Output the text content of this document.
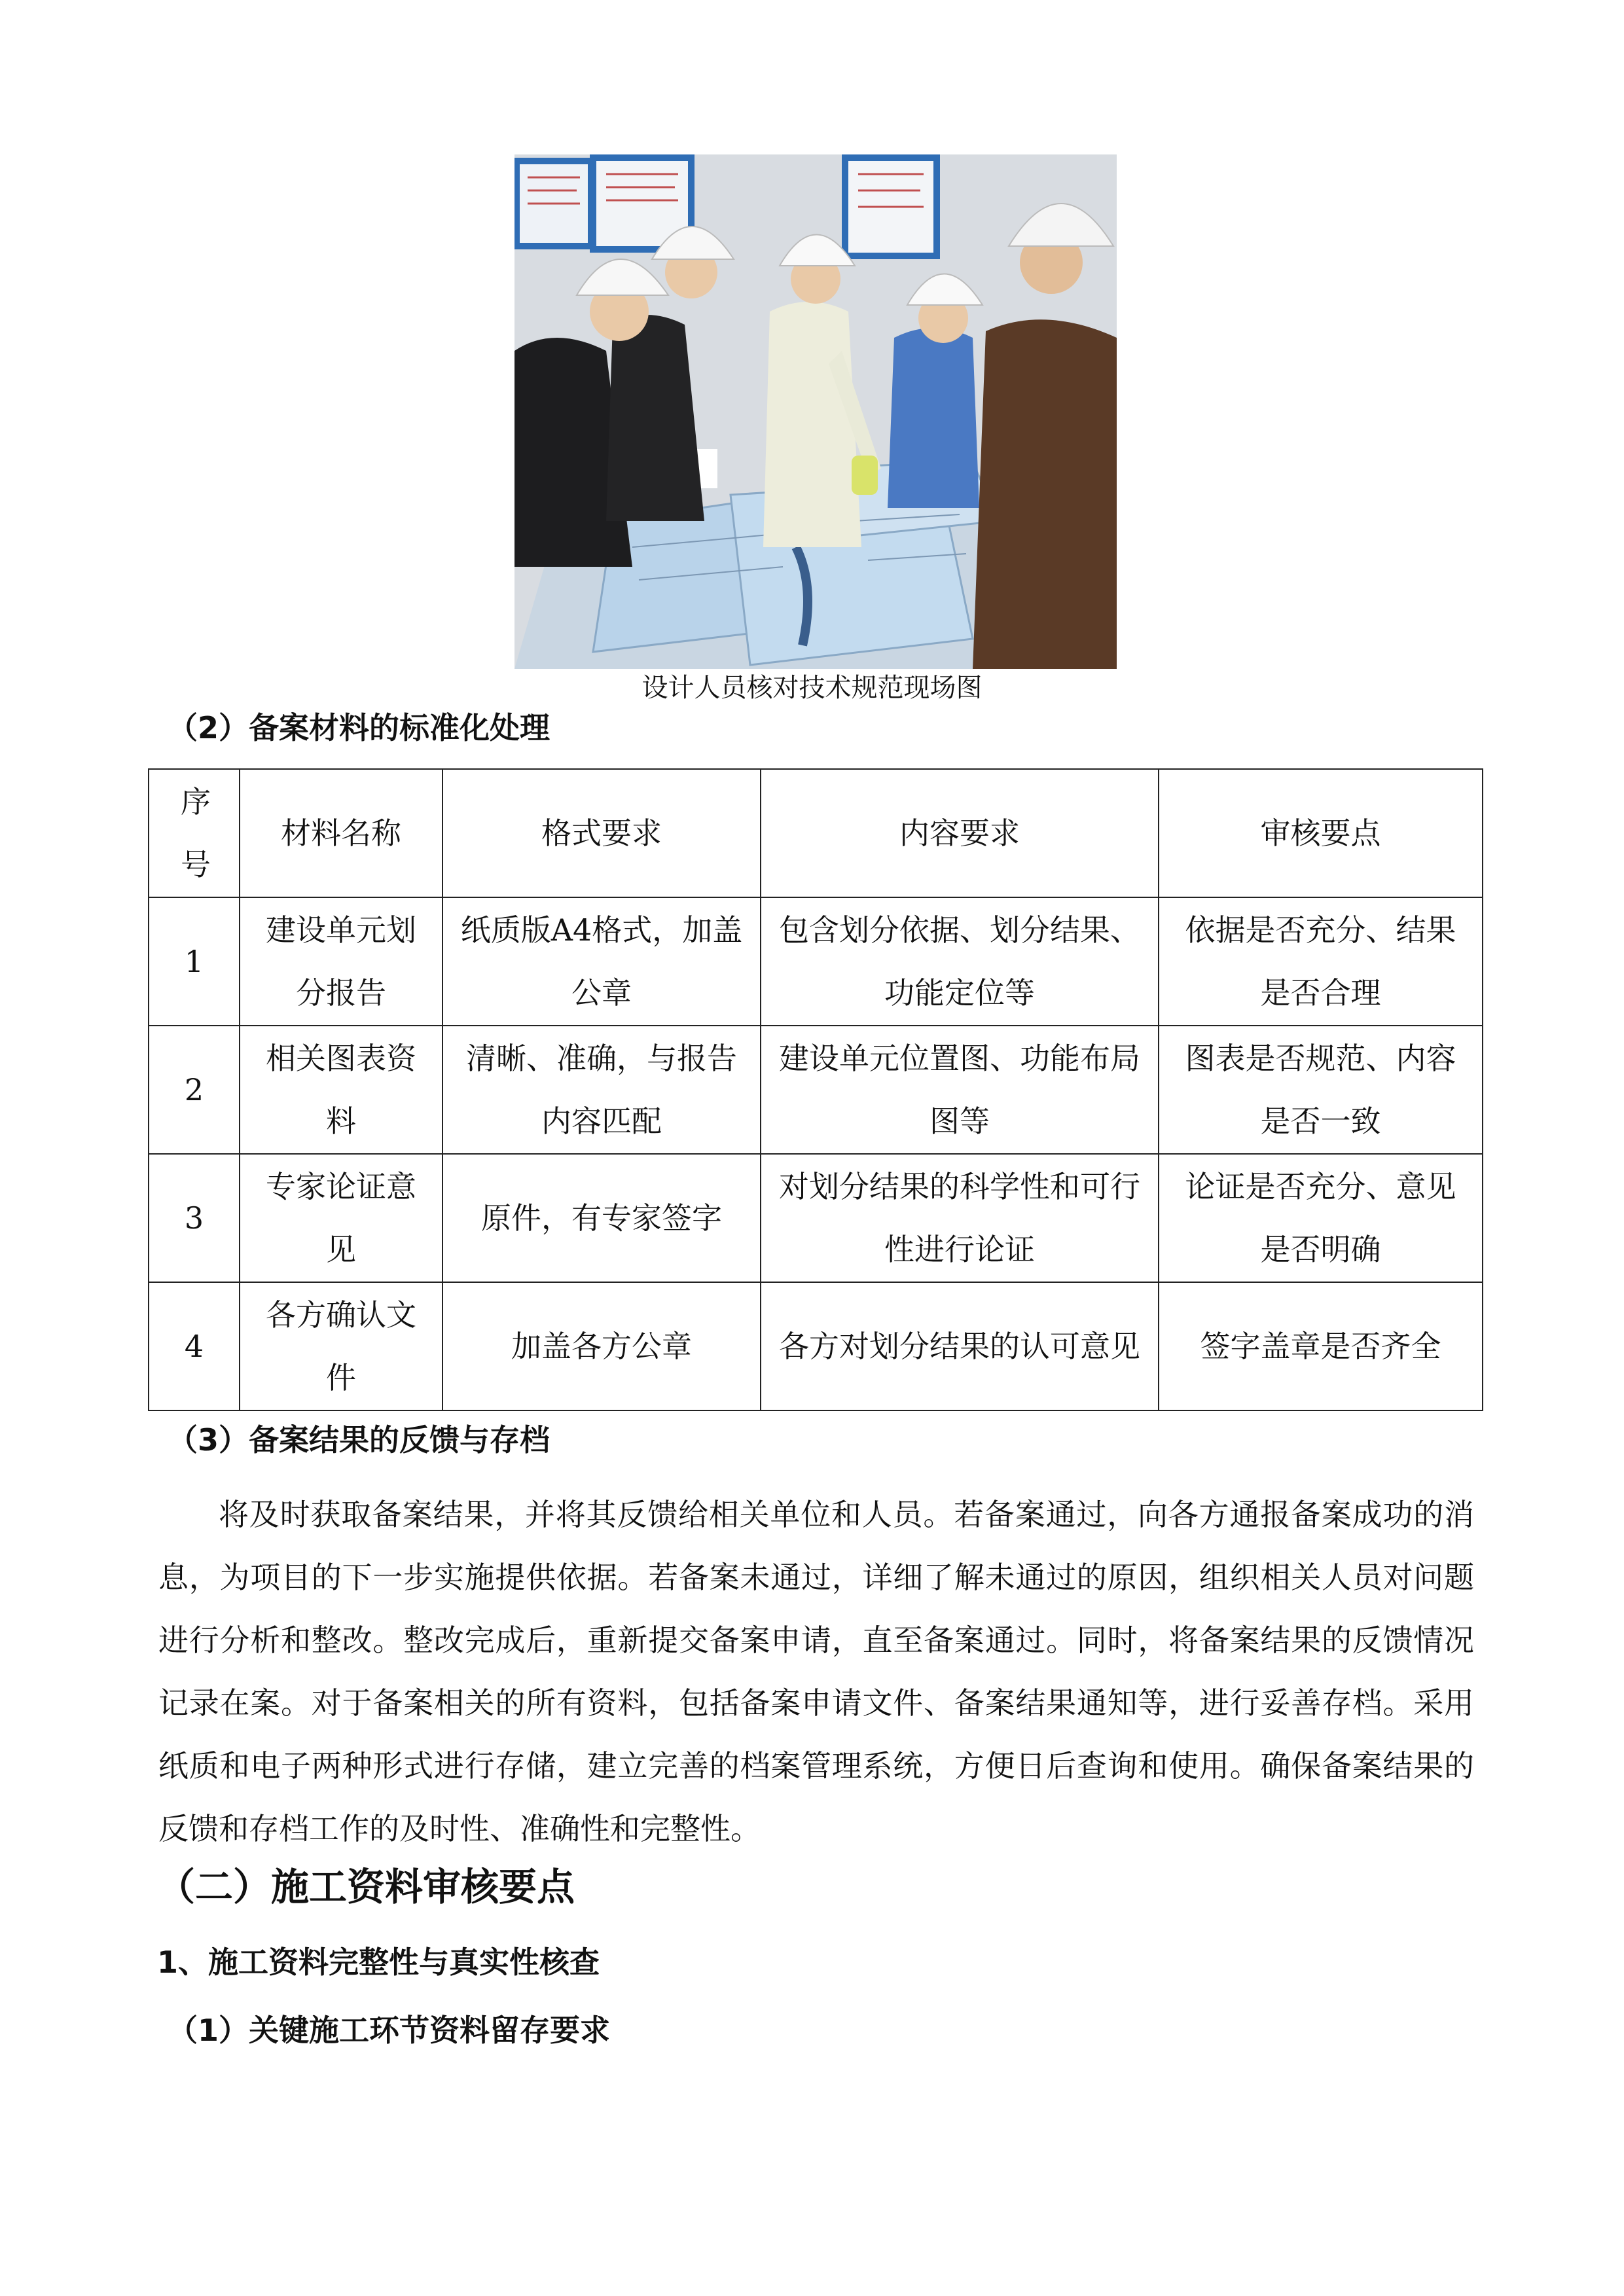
设计人员核对技术规范现场图
（2）备案材料的标准化处理
序号	材料名称	格式要求	内容要求	审核要点

1	建设单元划分报告	纸质版A4格式，加盖公章	包含划分依据、划分结果、功能定位等	依据是否充分、结果是否合理

2	相关图表资料	清晰、准确，与报告内容匹配	建设单元位置图、功能布局图等	图表是否规范、内容是否一致

3	专家论证意见	原件，有专家签字	对划分结果的科学性和可行性进行论证	论证是否充分、意见是否明确

4	各方确认文件	加盖各方公章	各方对划分结果的认可意见	签字盖章是否齐全
（3）备案结果的反馈与存档
将及时获取备案结果，并将其反馈给相关单位和人员。若备案通过，向各方通报备案成功的消息，为项目的下一步实施提供依据。若备案未通过，详细了解未通过的原因，组织相关人员对问题进行分析和整改。整改完成后，重新提交备案申请，直至备案通过。同时，将备案结果的反馈情况记录在案。对于备案相关的所有资料，包括备案申请文件、备案结果通知等，进行妥善存档。采用纸质和电子两种形式进行存储，建立完善的档案管理系统，方便日后查询和使用。确保备案结果的反馈和存档工作的及时性、准确性和完整性。
（二）施工资料审核要点
1、施工资料完整性与真实性核查
（1）关键施工环节资料留存要求
